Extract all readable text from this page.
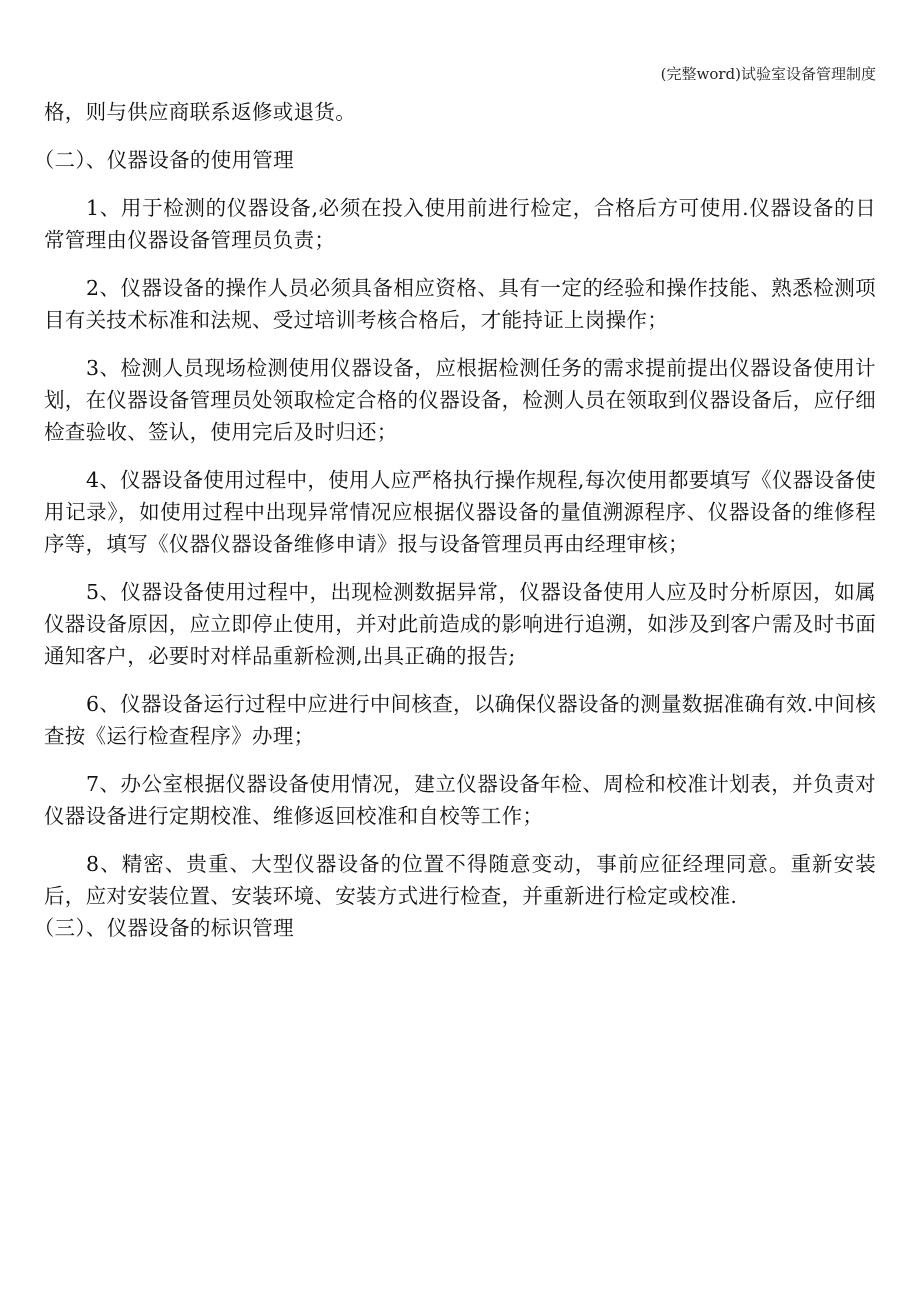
(完整word)试验室设备管理制度

格，则与供应商联系返修或退货。

（二）、仪器设备的使用管理

1、用于检测的仪器设备,必须在投入使用前进行检定，合格后方可使用.仪器设备的日常管理由仪器设备管理员负责；

2、仪器设备的操作人员必须具备相应资格、具有一定的经验和操作技能、熟悉检测项目有关技术标准和法规、受过培训考核合格后，才能持证上岗操作；

3、检测人员现场检测使用仪器设备，应根据检测任务的需求提前提出仪器设备使用计划，在仪器设备管理员处领取检定合格的仪器设备，检测人员在领取到仪器设备后，应仔细检查验收、签认，使用完后及时归还；

4、仪器设备使用过程中，使用人应严格执行操作规程,每次使用都要填写《仪器设备使用记录》，如使用过程中出现异常情况应根据仪器设备的量值溯源程序、仪器设备的维修程序等，填写《仪器仪器设备维修申请》报与设备管理员再由经理审核；

5、仪器设备使用过程中，出现检测数据异常，仪器设备使用人应及时分析原因，如属仪器设备原因，应立即停止使用，并对此前造成的影响进行追溯，如涉及到客户需及时书面通知客户，必要时对样品重新检测,出具正确的报告;

6、仪器设备运行过程中应进行中间核查，以确保仪器设备的测量数据准确有效.中间核查按《运行检查程序》办理；

7、办公室根据仪器设备使用情况，建立仪器设备年检、周检和校准计划表，并负责对仪器设备进行定期校准、维修返回校准和自校等工作；

8、精密、贵重、大型仪器设备的位置不得随意变动，事前应征经理同意。重新安装后，应对安装位置、安装环境、安装方式进行检查，并重新进行检定或校准.

（三）、仪器设备的标识管理
